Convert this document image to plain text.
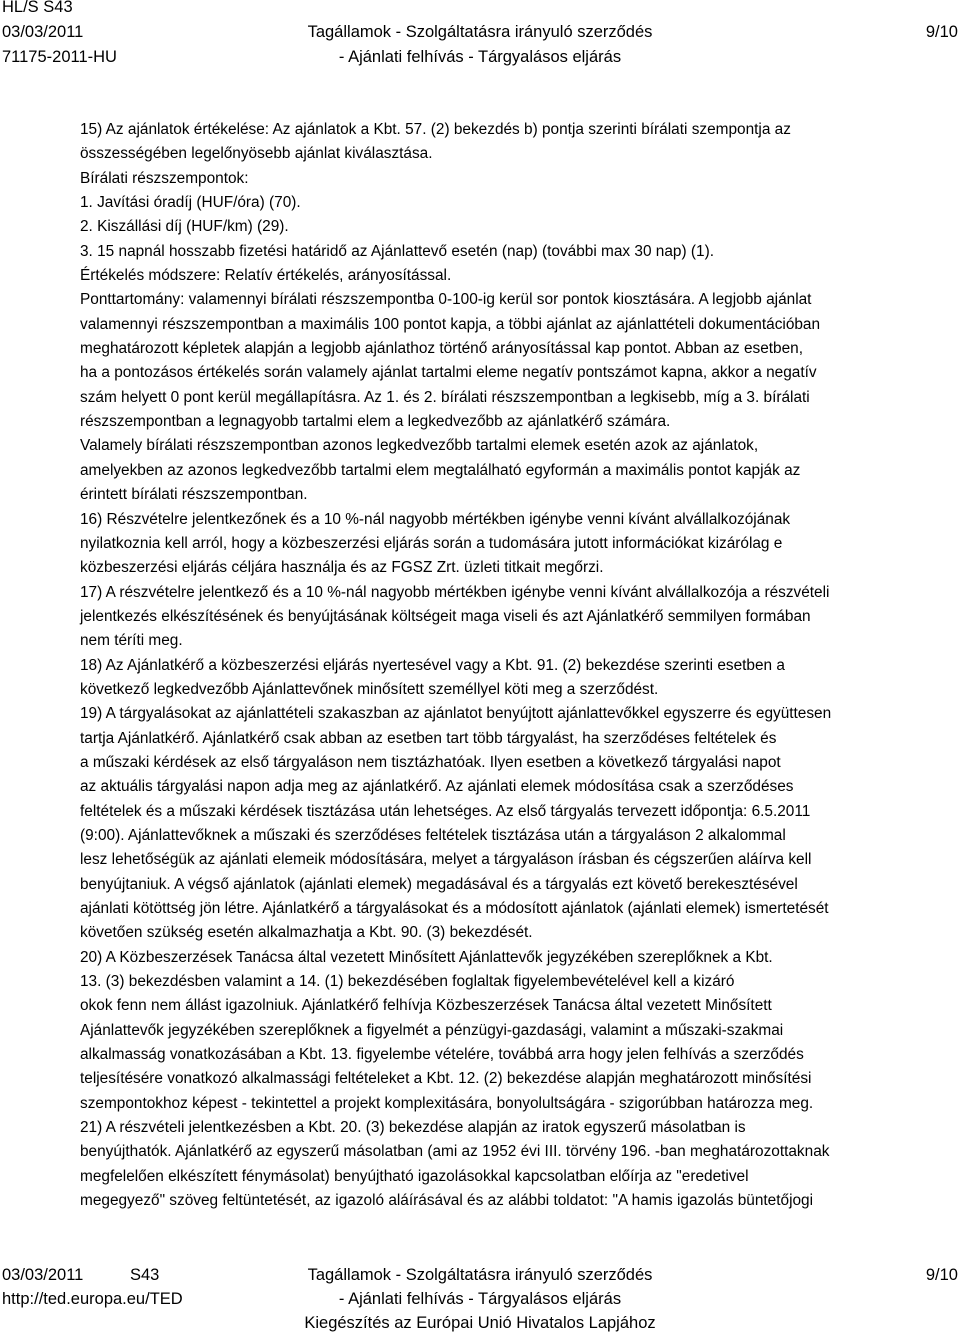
HL/S S43
03/03/2011
71175-2011-HU
Tagállamok - Szolgáltatásra irányuló szerződés
- Ajánlati felhívás - Tárgyalásos eljárás
9/10
15) Az ajánlatok értékelése: Az ajánlatok a Kbt. 57. (2) bekezdés b) pontja szerinti bírálati szempontja az
összességében legelőnyösebb ajánlat kiválasztása.
Bírálati részszempontok:
1. Javítási óradíj (HUF/óra) (70).
2. Kiszállási díj (HUF/km) (29).
3. 15 napnál hosszabb fizetési határidő az Ajánlattevő esetén (nap) (további max 30 nap) (1).
Értékelés módszere: Relatív értékelés, arányosítással.
Ponttartomány: valamennyi bírálati részszempontba 0-100-ig kerül sor pontok kiosztására. A legjobb ajánlat
valamennyi részszempontban a maximális 100 pontot kapja, a többi ajánlat az ajánlattételi dokumentációban
meghatározott képletek alapján a legjobb ajánlathoz történő arányosítással kap pontot. Abban az esetben,
ha a pontozásos értékelés során valamely ajánlat tartalmi eleme negatív pontszámot kapna, akkor a negatív
szám helyett 0 pont kerül megállapításra. Az 1. és 2. bírálati részszempontban a legkisebb, míg a 3. bírálati
részszempontban a legnagyobb tartalmi elem a legkedvezőbb az ajánlatkérő számára.
Valamely bírálati részszempontban azonos legkedvezőbb tartalmi elemek esetén azok az ajánlatok,
amelyekben az azonos legkedvezőbb tartalmi elem megtalálható egyformán a maximális pontot kapják az
érintett bírálati részszempontban.
16) Részvételre jelentkezőnek és a 10 %-nál nagyobb mértékben igénybe venni kívánt alvállalkozójának
nyilatkoznia kell arról, hogy a közbeszerzési eljárás során a tudomására jutott információkat kizárólag e
közbeszerzési eljárás céljára használja és az FGSZ Zrt. üzleti titkait megőrzi.
17) A részvételre jelentkező és a 10 %-nál nagyobb mértékben igénybe venni kívánt alvállalkozója a részvételi
jelentkezés elkészítésének és benyújtásának költségeit maga viseli és azt Ajánlatkérő semmilyen formában
nem téríti meg.
18) Az Ajánlatkérő a közbeszerzési eljárás nyertesével vagy a Kbt. 91. (2) bekezdése szerinti esetben a
következő legkedvezőbb Ajánlattevőnek minősített személlyel köti meg a szerződést.
19) A tárgyalásokat az ajánlattételi szakaszban az ajánlatot benyújtott ajánlattevőkkel egyszerre és együttesen
tartja Ajánlatkérő. Ajánlatkérő csak abban az esetben tart több tárgyalást, ha szerződéses feltételek és
a műszaki kérdések az első tárgyaláson nem tisztázhatóak. Ilyen esetben a következő tárgyalási napot
az aktuális tárgyalási napon adja meg az ajánlatkérő. Az ajánlati elemek módosítása csak a szerződéses
feltételek és a műszaki kérdések tisztázása után lehetséges. Az első tárgyalás tervezett időpontja: 6.5.2011
(9:00). Ajánlattevőknek a műszaki és szerződéses feltételek tisztázása után a tárgyaláson 2 alkalommal
lesz lehetőségük az ajánlati elemeik módosítására, melyet a tárgyaláson írásban és cégszerűen aláírva kell
benyújtaniuk. A végső ajánlatok (ajánlati elemek) megadásával és a tárgyalás ezt követő berekesztésével
ajánlati kötöttség jön létre. Ajánlatkérő a tárgyalásokat és a módosított ajánlatok (ajánlati elemek) ismertetését
követően szükség esetén alkalmazhatja a Kbt. 90. (3) bekezdését.
20) A Közbeszerzések Tanácsa által vezetett Minősített Ajánlattevők jegyzékében szereplőknek a Kbt.
13. (3) bekezdésben valamint a 14. (1) bekezdésében foglaltak figyelembevételével kell a kizáró
okok fenn nem állást igazolniuk. Ajánlatkérő felhívja Közbeszerzések Tanácsa által vezetett Minősített
Ajánlattevők jegyzékében szereplőknek a figyelmét a pénzügyi-gazdasági, valamint a műszaki-szakmai
alkalmasság vonatkozásában a Kbt. 13. figyelembe vételére, továbbá arra hogy jelen felhívás a szerződés
teljesítésére vonatkozó alkalmassági feltételeket a Kbt. 12. (2) bekezdése alapján meghatározott minősítési
szempontokhoz képest - tekintettel a projekt komplexitására, bonyolultságára - szigorúbban határozza meg.
21) A részvételi jelentkezésben a Kbt. 20. (3) bekezdése alapján az iratok egyszerű másolatban is
benyújthatók. Ajánlatkérő az egyszerű másolatban (ami az 1952 évi III. törvény 196. -ban meghatározottaknak
megfelelően elkészített fénymásolat) benyújtható igazolásokkal kapcsolatban előírja az "eredetivel
megegyező" szöveg feltüntetését, az igazoló aláírásával és az alábbi toldatot: "A hamis igazolás büntetőjogi
03/03/2011	S43
http://ted.europa.eu/TED
Tagállamok - Szolgáltatásra irányuló szerződés
- Ajánlati felhívás - Tárgyalásos eljárás
Kiegészítés az Európai Unió Hivatalos Lapjához
9/10
